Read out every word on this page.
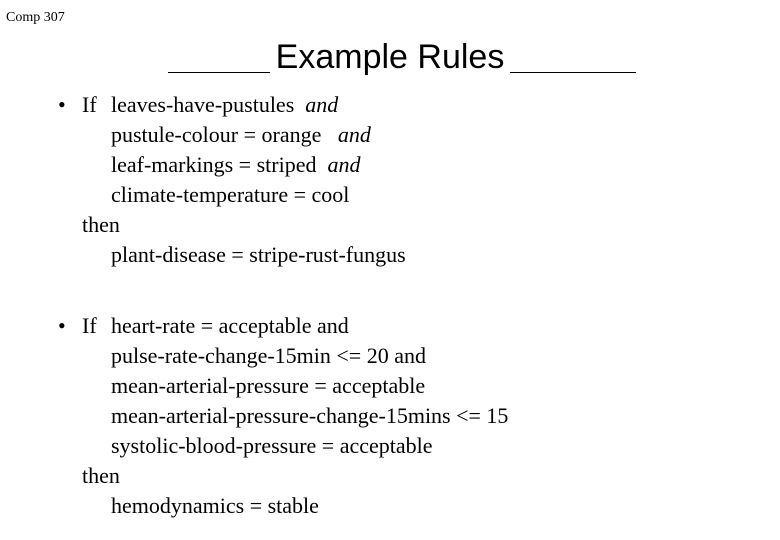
Comp 307
Example Rules
• If leaves-have-pustules and
pustule-colour = orange and
leaf-markings = striped and
climate-temperature = cool
then
plant-disease = stripe-rust-fungus
• If heart-rate = acceptable and
pulse-rate-change-15min <= 20 and
mean-arterial-pressure = acceptable
mean-arterial-pressure-change-15mins <= 15
systolic-blood-pressure = acceptable
then
hemodynamics = stable
